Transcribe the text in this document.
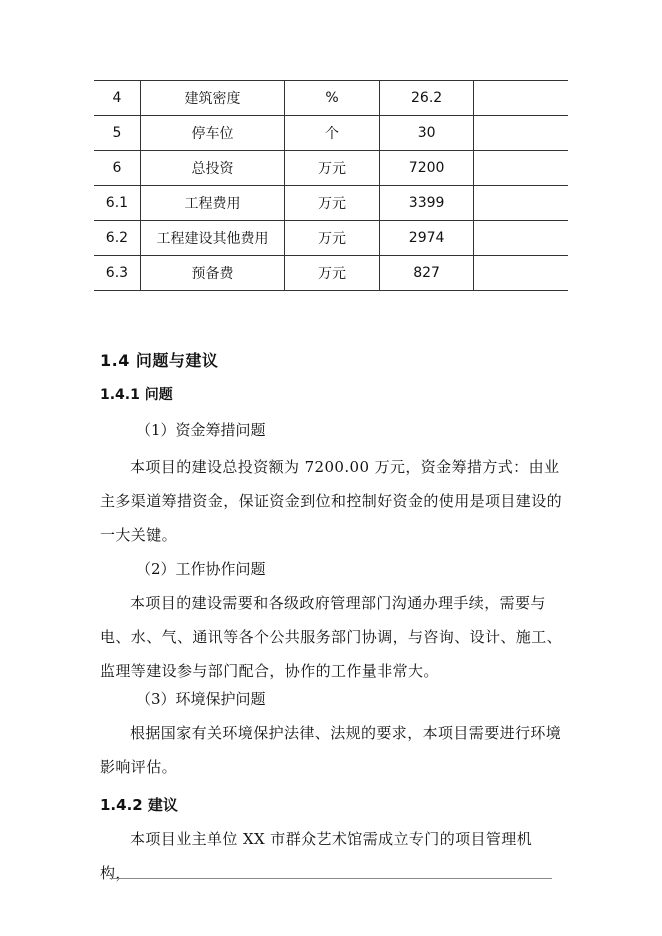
4	建筑密度	%	26.2	
5	停车位	个	30	
6	总投资	万元	7200	
6.1	工程费用	万元	3399	
6.2	工程建设其他费用	万元	2974	
6.3	预备费	万元	827	
1.4 问题与建议
1.4.1 问题
（1）资金筹措问题
本项目的建设总投资额为 7200.00 万元，资金筹措方式：由业主多渠道筹措资金，保证资金到位和控制好资金的使用是项目建设的一大关键。
（2）工作协作问题
本项目的建设需要和各级政府管理部门沟通办理手续，需要与电、水、气、通讯等各个公共服务部门协调，与咨询、设计、施工、监理等建设参与部门配合，协作的工作量非常大。
（3）环境保护问题
根据国家有关环境保护法律、法规的要求，本项目需要进行环境影响评估。
1.4.2 建议
本项目业主单位 XX 市群众艺术馆需成立专门的项目管理机构，
